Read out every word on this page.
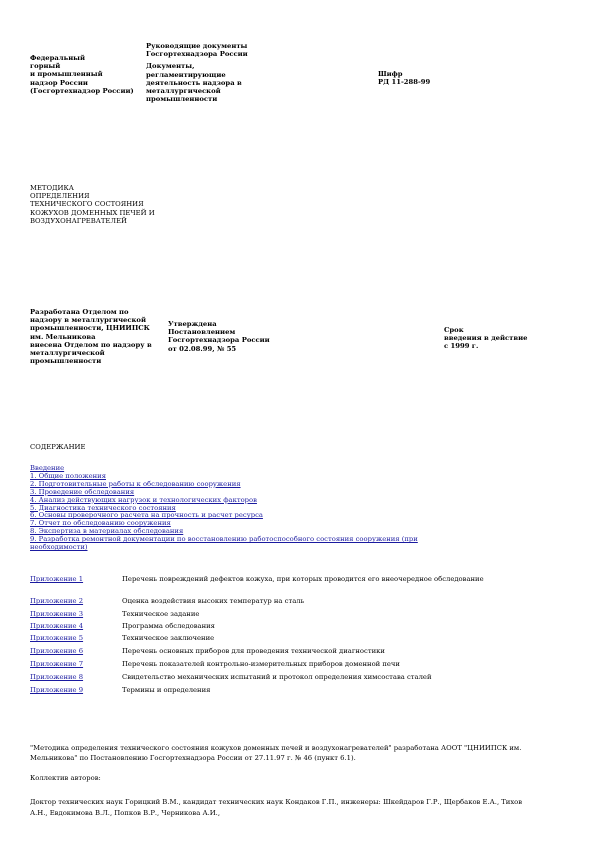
Федеральный
горный
и промышленный
надзор России
(Госгортехнадзор России)
Руководящие документы
Госгортехнадзора России
Документы,
регламентирующие
деятельность надзора в
металлургической
промышленности
Шифр
РД 11-288-99
МЕТОДИКА
ОПРЕДЕЛЕНИЯ
ТЕХНИЧЕСКОГО СОСТОЯНИЯ
КОЖУХОВ ДОМЕННЫХ ПЕЧЕЙ И
ВОЗДУХОНАГРЕВАТЕЛЕЙ
Разработана Отделом по
надзору в металлургической
промышленности, ЦНИИПСК
им. Мельникова
внесена Отделом по надзору в
металлургической
промышленности
Утверждена
Постановлением
Госгортехнадзора России
от 02.08.99, № 55
Срок
введения в действие
с 1999 г.
СОДЕРЖАНИЕ
Введение
1. Общие положения
2. Подготовительные работы к обследованию сооружения
3. Проведение обследования
4. Анализ действующих нагрузок и технологических факторов
5. Диагностика технического состояния
6. Основы проверочного расчета на прочность и расчет ресурса
7. Отчет по обследованию сооружения
8. Экспертиза в материалах обследования
9. Разработка ремонтной документации по восстановлению работоспособного состояния сооружения (при необходимости)
Приложение 1	Перечень повреждений дефектов кожуха, при которых проводится его внеочередное обследование
Приложение 2	Оценка воздействия высоких температур на сталь
Приложение 3	Техническое задание
Приложение 4	Программа обследования
Приложение 5	Техническое заключение
Приложение 6	Перечень основных приборов для проведения технической диагностики
Приложение 7	Перечень показателей контрольно-измерительных приборов доменной печи
Приложение 8	Свидетельство механических испытаний и протокол определения химсостава сталей
Приложение 9	Термины и определения
"Методика определения технического состояния кожухов доменных печей и воздухонагревателей" разработана АООТ "ЦНИИПСК им.
Мельникова" по Постановлению Госгортехнадзора России от 27.11.97 г. № 46 (пункт 6.1).
Коллектив авторов:
Доктор технических наук Горицкий В.М., кандидат технических наук Кондаков Г.П., инженеры: Шкейдаров Г.Р., Щербаков Е.А., Тихов
А.Н., Евдокимова В.Л., Попков В.Р., Черникова А.И.,
